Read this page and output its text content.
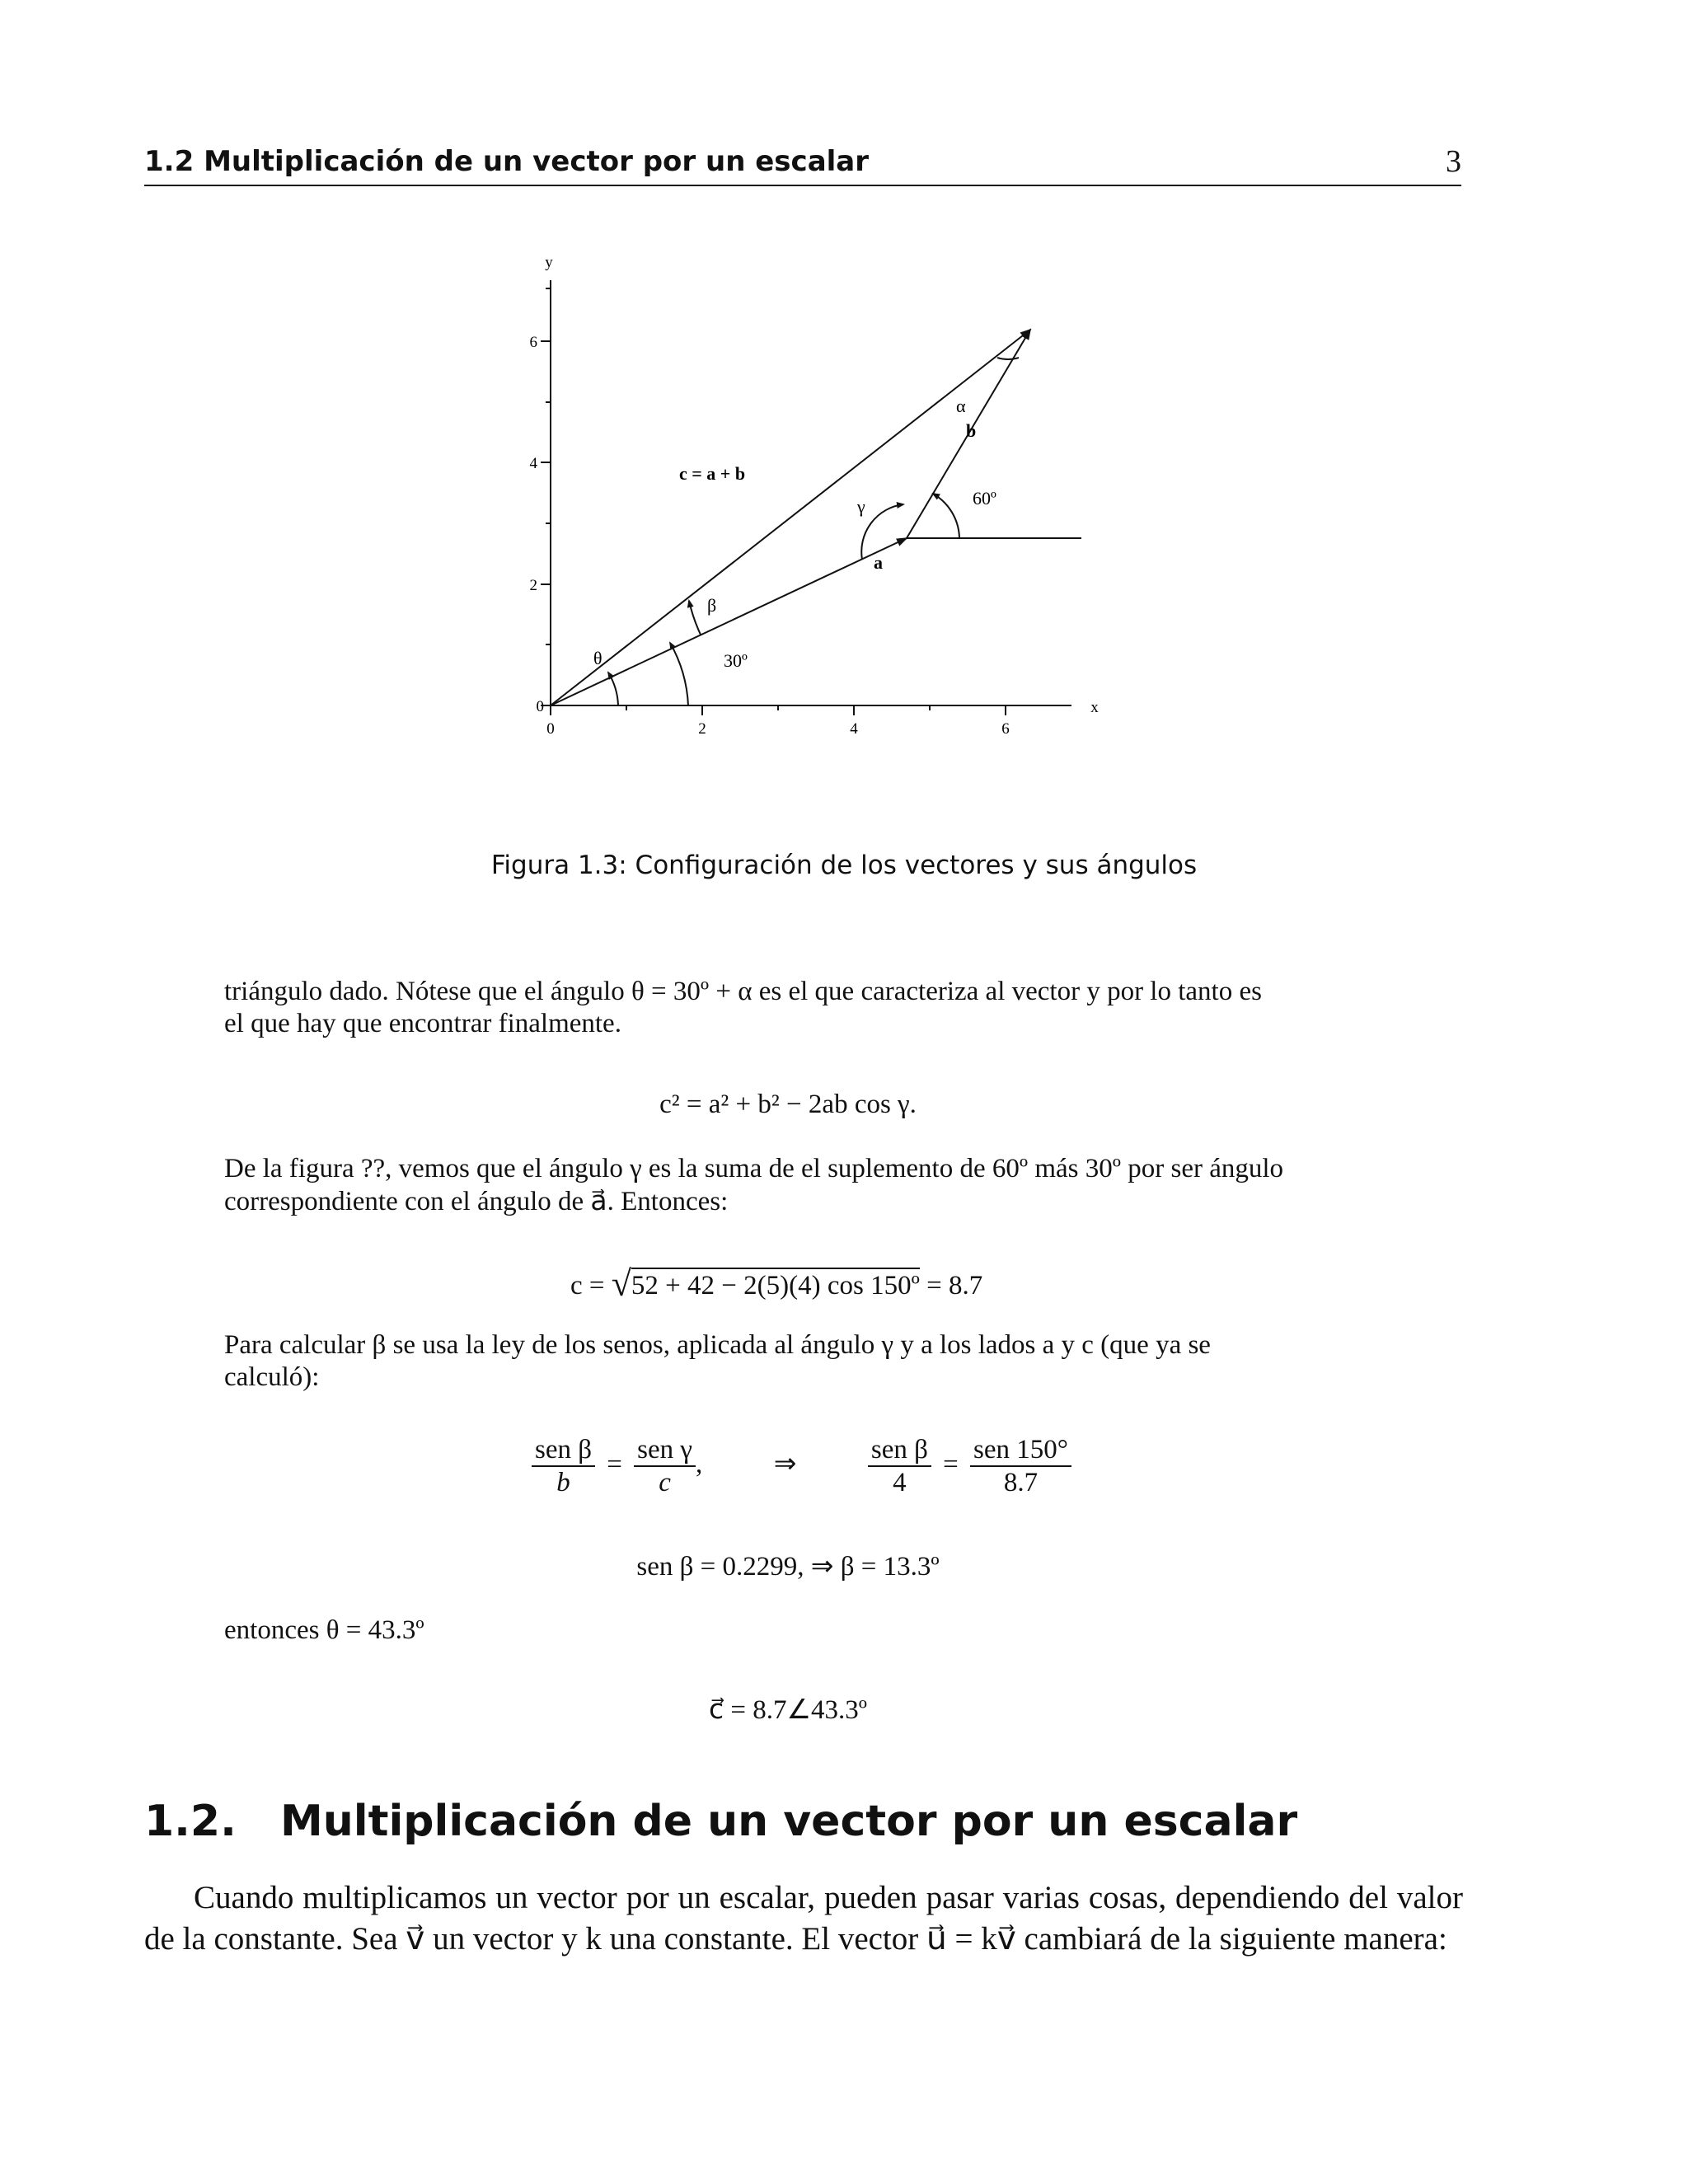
1.2 Multiplicación de un vector por un escalar	3
0
2
4
6
0	2	4	6
y
x
c = a + b
a
b
α
β
γ
θ	30º
60º
Figura 1.3: Configuración de los vectores y sus ángulos
triángulo dado. Nótese que el ángulo θ = 30º + α es el que caracteriza al vector y por lo tanto es
el que hay que encontrar finalmente.
c² = a² + b² − 2ab cos γ.
De la figura ??, vemos que el ángulo γ es la suma de el suplemento de 60º más 30º por ser ángulo
correspondiente con el ángulo de a⃗. Entonces:
c = √52 + 42 − 2(5)(4) cos 150º = 8.7
Para calcular β se usa la ley de los senos, aplicada al ángulo γ y a los lados a y c (que ya se
calculó):
$\frac{\text{sen β}}{b} = \frac{\text{sen γ}}{c}$ ,	⇒	$\frac{\text{sen β}}{4} = \frac{\text{sen 150°}}{8.7}$
sen β = 0.2299, ⇒ β = 13.3º
entonces θ = 43.3º
c⃗ = 8.7∠43.3º
1.2. Multiplicación de un vector por un escalar
Cuando multiplicamos un vector por un escalar, pueden pasar varias cosas, dependiendo del valor de la constante. Sea v⃗ un vector y k una constante. El vector u⃗ = kv⃗ cambiará de la siguiente manera:
